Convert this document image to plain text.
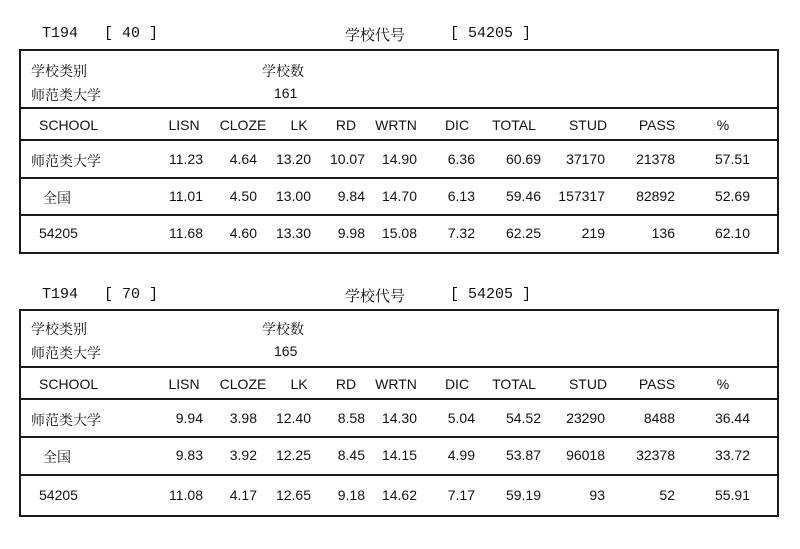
T194 [ 40 ]	学校代号	[ 54205 ]
学校类别	学校数
师范类大学	161
SCHOOL	LISN	CLOZE	LK	RD	WRTN	DIC	TOTAL	STUD	PASS	%
师范类大学	11.23	4.64	13.20	10.07	14.90	6.36	60.69	37170	21378	57.51
全国	11.01	4.50	13.00	9.84	14.70	6.13	59.46	157317	82892	52.69
54205	11.68	4.60	13.30	9.98	15.08	7.32	62.25	219	136	62.10
T194 [ 70 ]	学校代号	[ 54205 ]
学校类别	学校数
师范类大学	165
SCHOOL	LISN	CLOZE	LK	RD	WRTN	DIC	TOTAL	STUD	PASS	%
师范类大学	9.94	3.98	12.40	8.58	14.30	5.04	54.52	23290	8488	36.44
全国	9.83	3.92	12.25	8.45	14.15	4.99	53.87	96018	32378	33.72
54205	11.08	4.17	12.65	9.18	14.62	7.17	59.19	93	52	55.91
